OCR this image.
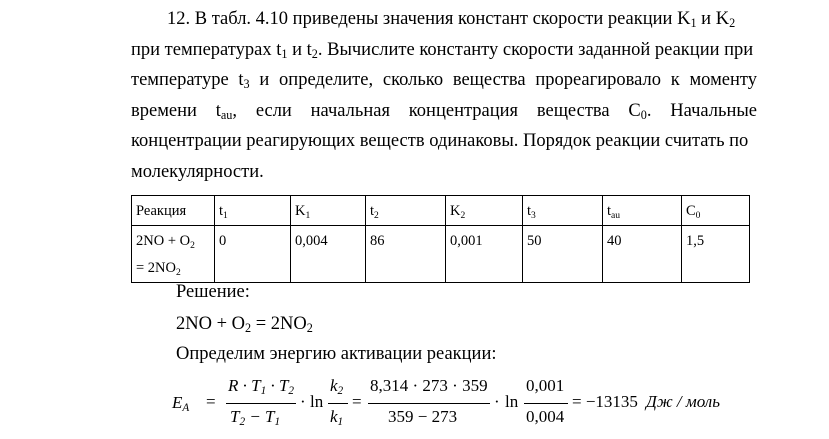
12. В табл. 4.10 приведены значения констант скорости реакции $K_1$ и $K_2$
при температурах $t_1$ и $t_2$. Вычислите константу скорости заданной реакции при
температуре $t_3$ и определите, сколько вещества прореагировало к моменту
времени $t_{au}$, если начальная концентрация вещества $C_0$. Начальные
концентрации реагирующих веществ одинаковы. Порядок реакции считать по
молекулярности.
Реакция	$t_1$	$K_1$	$t_2$	$K_2$	$t_3$	$t_{au}$	$C_0$

$2NO + O_2$
= $2NO_2$	0	0,004	86	0,001	50	40	1,5
Решение:
$2NO + O_2 = 2NO_2$
Определим энергию активации реакции:
$E_A$ =
$R \cdot T_1 \cdot T_2$
$T_2 - T_1$
· ln
$k_2$
$k_1$
=
8,314 · 273 · 359
359 − 273
· ln
0,001
0,004
= −13135 Дж / моль
